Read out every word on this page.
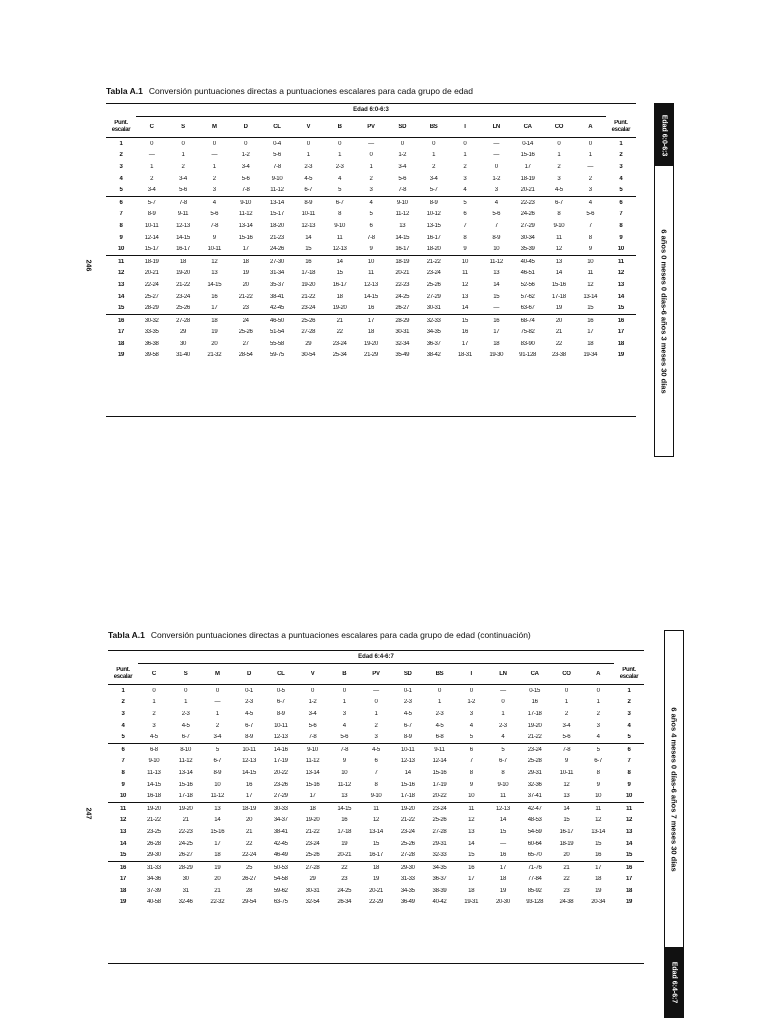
246
Tabla A.1 Conversión puntuaciones directas a puntuaciones escalares para cada grupo de edad
Edad 6:0-6:3
Punt. escalar	C	S	M	D	CL	V	B	PV	SD	BS	I	LN	CA	CO	A
Punt. escalar
1	0	0	0	0	0-4	0	0	—	0	0	0	—	0-14	0	0	1
2	—	1	—	1-2	5-6	1	1	0	1-2	1	1	—	15-16	1	1	2
3	1	2	1	3-4	7-8	2-3	2-3	1	3-4	2	2	0	17	2	—	3
4	2	3-4	2	5-6	9-10	4-5	4	2	5-6	3-4	3	1-2	18-19	3	2	4
5	3-4	5-6	3	7-8	11-12	6-7	5	3	7-8	5-7	4	3	20-21	4-5	3	5
6	5-7	7-8	4	9-10	13-14	8-9	6-7	4	9-10	8-9	5	4	22-23	6-7	4	6
7	8-9	9-11	5-6	11-12	15-17	10-11	8	5	11-12	10-12	6	5-6	24-26	8	5-6	7
8	10-11	12-13	7-8	13-14	18-20	12-13	9-10	6	13	13-15	7	7	27-29	9-10	7	8
9	12-14	14-15	9	15-16	21-23	14	11	7-8	14-15	16-17	8	8-9	30-34	11	8	9
10	15-17	16-17	10-11	17	24-26	15	12-13	9	16-17	18-20	9	10	35-39	12	9	10
11	18-19	18	12	18	27-30	16	14	10	18-19	21-22	10	11-12	40-45	13	10	11
12	20-21	19-20	13	19	31-34	17-18	15	11	20-21	23-24	11	13	46-51	14	11	12
13	22-24	21-22	14-15	20	35-37	19-20	16-17	12-13	22-23	25-26	12	14	52-56	15-16	12	13
14	25-27	23-24	16	21-22	38-41	21-22	18	14-15	24-25	27-29	13	15	57-62	17-18	13-14	14
15	28-29	25-26	17	23	42-45	23-24	19-20	16	26-27	30-31	14	—	63-67	19	15	15
16	30-32	27-28	18	24	46-50	25-26	21	17	28-29	32-33	15	16	68-74	20	16	16
17	33-35	29	19	25-26	51-54	27-28	22	18	30-31	34-35	16	17	75-82	21	17	17
18	36-38	30	20	27	55-58	29	23-24	19-20	32-34	36-37	17	18	83-90	22	18	18
19	39-58	31-40	21-32	28-54	59-75	30-54	25-34	21-29	35-49	38-42	18-31	19-30	91-128	23-38	19-34	19
Edad 6:0-6:3
6 años 0 meses 0 días-6 años 3 meses 30 días
247
Tabla A.1 Conversión puntuaciones directas a puntuaciones escalares para cada grupo de edad (continuación)
Edad 6:4-6:7
Punt. escalar	C	S	M	D	CL	V	B	PV	SD	BS	I	LN	CA	CO	A
Punt. escalar
1	0	0	0	0-1	0-5	0	0	—	0-1	0	0	—	0-15	0	0	1
2	1	1	—	2-3	6-7	1-2	1	0	2-3	1	1-2	0	16	1	1	2
3	2	2-3	1	4-5	8-9	3-4	3	1	4-5	2-3	3	1	17-18	2	2	3
4	3	4-5	2	6-7	10-11	5-6	4	2	6-7	4-5	4	2-3	19-20	3-4	3	4
5	4-5	6-7	3-4	8-9	12-13	7-8	5-6	3	8-9	6-8	5	4	21-22	5-6	4	5
6	6-8	8-10	5	10-11	14-16	9-10	7-8	4-5	10-11	9-11	6	5	23-24	7-8	5	6
7	9-10	11-12	6-7	12-13	17-19	11-12	9	6	12-13	12-14	7	6-7	25-28	9	6-7	7
8	11-13	13-14	8-9	14-15	20-22	13-14	10	7	14	15-16	8	8	29-31	10-11	8	8
9	14-15	15-16	10	16	23-26	15-16	11-12	8	15-16	17-19	9	9-10	32-36	12	9	9
10	16-18	17-18	11-12	17	27-29	17	13	9-10	17-18	20-22	10	11	37-41	13	10	10
11	19-20	19-20	13	18-19	30-33	18	14-15	11	19-20	23-24	11	12-13	42-47	14	11	11
12	21-22	21	14	20	34-37	19-20	16	12	21-22	25-26	12	14	48-53	15	12	12
13	23-25	22-23	15-16	21	38-41	21-22	17-18	13-14	23-24	27-28	13	15	54-59	16-17	13-14	13
14	26-28	24-25	17	22	42-45	23-24	19	15	25-26	29-31	14	—	60-64	18-19	15	14
15	29-30	26-27	18	22-24	46-49	25-26	20-21	16-17	27-28	32-33	15	16	65-70	20	16	15
16	31-33	28-29	19	25	50-53	27-28	22	18	29-30	34-35	16	17	71-76	21	17	16
17	34-36	30	20	26-27	54-58	29	23	19	31-33	36-37	17	18	77-84	22	18	17
18	37-39	31	21	28	59-62	30-31	24-25	20-21	34-35	38-39	18	19	85-92	23	19	18
19	40-58	32-46	22-32	29-54	63-75	32-54	26-34	22-29	36-49	40-42	19-31	20-30	93-128	24-38	20-34	19
6 años 4 meses 0 días-6 años 7 meses 30 días
Edad 6:4-6:7
